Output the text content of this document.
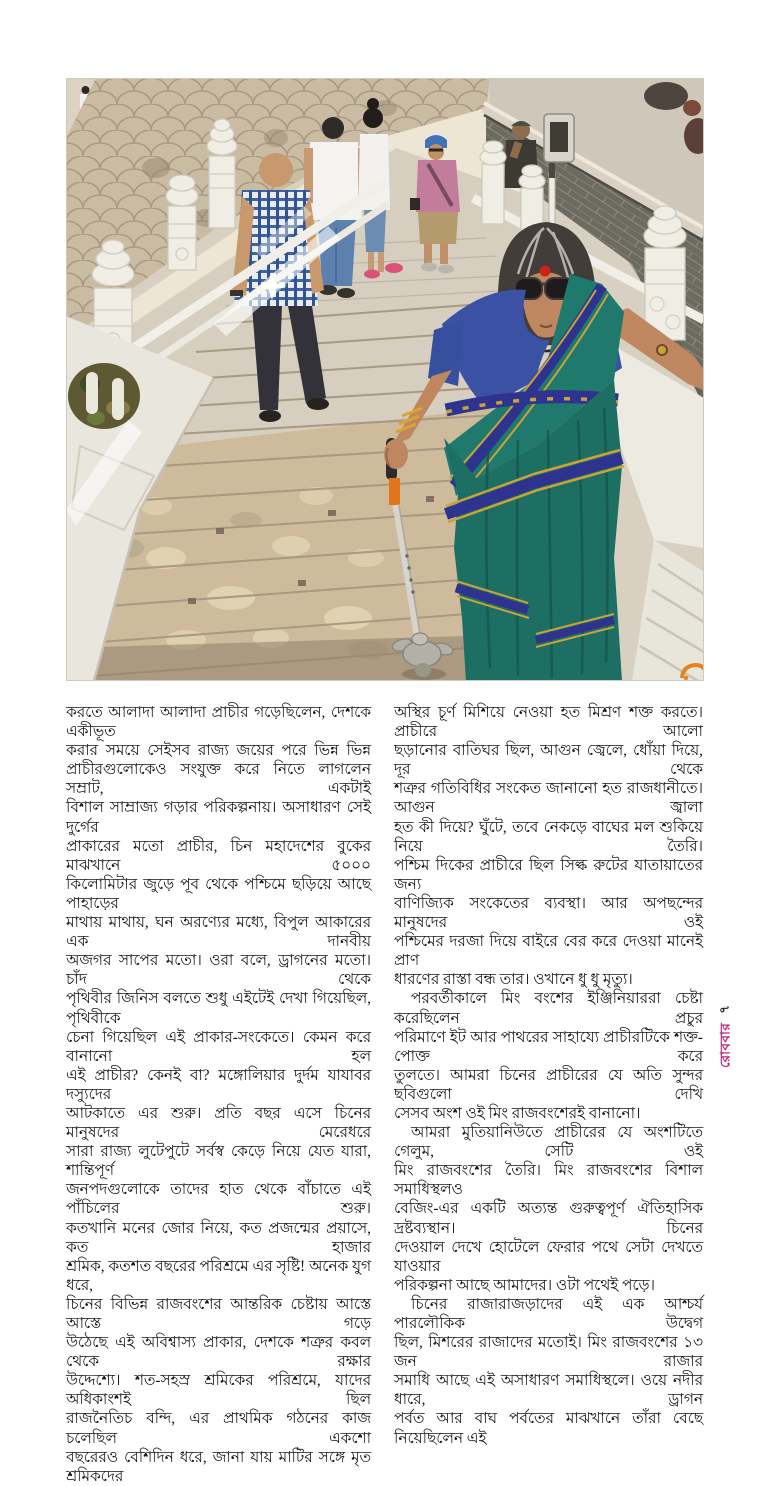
করতে আলাদা আলাদা প্রাচীর গড়েছিলেন, দেশকে একীভূত
করার সময়ে সেইসব রাজ্য জয়ের পরে ভিন্ন ভিন্ন
প্রাচীরগুলোকেও সংযুক্ত করে নিতে লাগলেন সম্রাট, একটাই
বিশাল সাম্রাজ্য গড়ার পরিকল্পনায়। অসাধারণ সেই দুর্গের
প্রাকারের মতো প্রাচীর, চিন মহাদেশের বুকের মাঝখানে ৫০০০
কিলোমিটার জুড়ে পূব থেকে পশ্চিমে ছড়িয়ে আছে পাহাড়ের
মাথায় মাথায়, ঘন অরণ্যের মধ্যে, বিপুল আকারের এক দানবীয়
অজগর সাপের মতো। ওরা বলে, ড্রাগনের মতো। চাঁদ থেকে
পৃথিবীর জিনিস বলতে শুধু এইটেই দেখা গিয়েছিল, পৃথিবীকে
চেনা গিয়েছিল এই প্রাকার-সংকেতে। কেমন করে বানানো হল
এই প্রাচীর? কেনই বা? মঙ্গোলিয়ার দুর্দম যাযাবর দস্যুদের
আটকাতে এর শুরু। প্রতি বছর এসে চিনের মানুষদের মেরেধরে
সারা রাজ্য লুটেপুটে সর্বস্ব কেড়ে নিয়ে যেত যারা, শান্তিপূর্ণ
জনপদগুলোকে তাদের হাত থেকে বাঁচাতে এই পাঁচিলের শুরু।
কতখানি মনের জোর নিয়ে, কত প্রজন্মের প্রয়াসে, কত হাজার
শ্রমিক, কতশত বছরের পরিশ্রমে এর সৃষ্টি! অনেক যুগ ধরে,
চিনের বিভিন্ন রাজবংশের আন্তরিক চেষ্টায় আস্তে আস্তে গড়ে
উঠেছে এই অবিশ্বাস্য প্রাকার, দেশকে শত্রুর কবল থেকে রক্ষার
উদ্দেশ্যে। শত-সহস্র শ্রমিকের পরিশ্রমে, যাদের অধিকাংশই ছিল
রাজনৈতিচ বন্দি, এর প্রাথমিক গঠনের কাজ চলেছিল একশো
বছরেরও বেশিদিন ধরে, জানা যায় মাটির সঙ্গে মৃত শ্রমিকদের
অস্থির চূর্ণ মিশিয়ে নেওয়া হত মিশ্রণ শক্ত করতে। প্রাচীরে আলো
ছড়ানোর বাতিঘর ছিল, আগুন জ্বেলে, ধোঁয়া দিয়ে, দূর থেকে
শত্রুর গতিবিধির সংকেত জানানো হত রাজধানীতে। আগুন জ্বালা
হত কী দিয়ে? ঘুঁটে, তবে নেকড়ে বাঘের মল শুকিয়ে নিয়ে তৈরি।
পশ্চিম দিকের প্রাচীরে ছিল সিল্ক রুটের যাতায়াতের জন্য
বাণিজ্যিক সংকেতের ব্যবস্থা। আর অপছন্দের মানুষদের ওই
পশ্চিমের দরজা দিয়ে বাইরে বের করে দেওয়া মানেই প্রাণ
ধারণের রাস্তা বন্ধ তার। ওখানে ধু ধু মৃত্যু।
পরবর্তীকালে মিং বংশের ইঞ্জিনিয়াররা চেষ্টা করেছিলেন প্রচুর
পরিমাণে ইট আর পাথরের সাহায্যে প্রাচীরটিকে শক্ত-পোক্ত করে
তুলতে। আমরা চিনের প্রাচীরের যে অতি সুন্দর ছবিগুলো দেখি
সেসব অংশ ওই মিং রাজবংশেরই বানানো।
আমরা মুতিয়ানিউতে প্রাচীরের যে অংশটিতে গেলুম, সেটি ওই
মিং রাজবংশের তৈরি। মিং রাজবংশের বিশাল সমাধিস্থলও
বেজিং-এর একটি অত্যন্ত গুরুত্বপূর্ণ ঐতিহাসিক দ্রষ্টব্যস্থান। চিনের
দেওয়াল দেখে হোটেলে ফেরার পথে সেটা দেখতে যাওয়ার
পরিকল্পনা আছে আমাদের। ওটা পথেই পড়ে।
চিনের রাজারাজড়াদের এই এক আশ্চর্য পারলৌকিক উদ্বেগ
ছিল, মিশরের রাজাদের মতোই। মিং রাজবংশের ১৩ জন রাজার
সমাধি আছে এই অসাধারণ সমাধিস্থলে। ওয়ে নদীর ধারে, ড্রাগন
পর্বত আর বাঘ পর্বতের মাঝখানে তাঁরা বেছে নিয়েছিলেন এই
রোববার
৭
